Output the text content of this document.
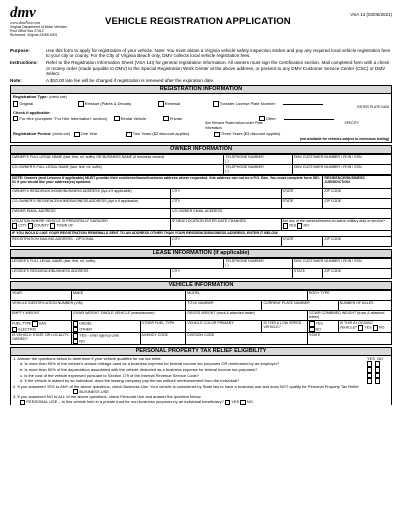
dmv
www.dmvNow.com
Virginia Department of Motor Vehicles
Post Office Box 27412
Richmond, Virginia 23269-0001
VEHICLE REGISTRATION APPLICATION
VSA 14 (03/05/2021)
Purpose:	Use this form to apply for registration of your vehicle. Note: You must obtain a Virginia vehicle safety inspection sticker and pay any required local vehicle registration fees to your city or county. For the City of Virginia Beach only, DMV collects local vehicle registration fees.
Instructions:	Refer to the Registration Information Sheet (VSA 14I) for general registration information. All owners must sign the Certification section. Mail completed form with a check or money order (made payable to DMV) to the Special Registration Work Center at the above address, or present to any DMV Customer Service Center (CSC) or DMV Select.
Note:	A $10.00 late fee will be charged if registration is renewed after the expiration date.
REGISTRATION INFORMATION
Registration Type: (check one)
Original	Reissue (Plates & Decals)	Renewal	Transfer License Plate Number:
ENTER PLATE NUM
Check if applicable:
For Hire (complete "For Hire Information" section)	Rental Vehicle	Private	Other:
See Reissue Plates below under Plate Information.
SPECIFY
Registration Period: (check one)	One Year	Two Years ($2 discount applies)	Three Years ($3 discount applies)
(not available for vehicles subject to emissions testing)
OWNER INFORMATION
OWNER'S FULL LEGAL NAME (last, first, mi, suffix) OR BUSINESS NAME (if business owned)	TELEPHONE NUMBER
( )	DMV CUSTOMER NUMBER / FEIN / SSN
CO-OWNER'S FULL LEGAL NAME (last, first, mi, suffix)	TELEPHONE NUMBER
( )	DMV CUSTOMER NUMBER / FEIN / SSN
NOTE: Owners (and Lessees if applicable) MUST provide their residence/home/business address where requested. this address can not be a P.O. Box. You must complete form ISD-01 if you would like your address(es) updated.			RESIDENCE/BUSINESS JURISDICTION
OWNER'S RESIDENCE/HOME/BUSINESS ADDRESS (Apt # if applicable)	CITY	STATE	ZIP CODE
CO-OWNER'S RESIDENCE/HOME/BUSINESS ADDRESS (Apt # if applicable)	CITY	STATE	ZIP CODE
OWNER EMAIL ADDRESS	CO-OWNER EMAIL ADDRESS		
LOCATION WHERE VEHICLE IS PRINCIPALLY GARAGED
CITY COUNTY TOWN OF	IF NEW LOCATION ENTER DATE CHANGED	Are any of the owners/lessees on active military duty or service? YES NO	
IF YOU WOULD LIKE YOUR REGISTRATION RENEWALS SENT TO AN ADDRESS OTHER THAN YOUR RESIDENCE/BUSINESS ADDRESS, ENTER IT BELOW			
REGISTRATION MAILING ADDRESS - OPTIONAL	CITY	STATE	ZIP CODE
LEASE INFORMATION (if applicable)
LESSEE'S FULL LEGAL NAME (last, first, mi, suffix)		TELEPHONE NUMBER
( )	DMV CUSTOMER NUMBER / FEIN / SSN	
LESSEE'S RESIDENCE/BUSINESS ADDRESS	CITY		STATE	ZIP CODE
VEHICLE INFORMATION
YEAR	MAKE		MODEL		BODY TYPE	
VEHICLE IDENTIFICATION NUMBER (VIN)			TITLE NUMBER	CURRENT PLATE NUMBER		NUMBER OF AXLES
EMPTY WEIGHT	GVWR WEIGHT SINGLE VEHICLE (manufacturer)		GROSS WEIGHT (truck & attached trailer)		GCWR COMBINED WEIGHT (truck & attached trailer)	
FUEL TYPE GAS
ELECTRIC	DIESEL
OTHER	OTHER FUEL TYPE	VEHICLE COLOR PRIMARY	IS THIS A LOW SPEED VEHICLE?	YES
NO	IS THIS A LOGGING VEHICLE? YES NO
IS VEHICLE STATE OR LOCALITY-OWNED?	YES - enter agency code
NO	AGENCY CODE	DIVISION CODE		STATE	
PERSONAL PROPERTY TAX RELIEF ELIGIBILITY
1. Answer the questions below to determine if your vehicle qualifies for car tax relief:	YES NO
a. Is more than 50% of the vehicle's annual mileage used as a business expense for federal income tax purposes OR reimbursed by an employer?

b. Is more than 50% of the depreciation associated with the vehicle deducted as a business expense for federal income tax purposes?

c. Is the cost of the vehicle expensed pursuant to Section 179 of the Internal Revenue Service Code?

d. If the vehicle is leased by an individual, does the leasing company pay the tax without reimbursement from the individual?

2. If you answered YES to ANY of the above questions, check Business Use. Your vehicle is considered by State law to have a business use and does NOT qualify for Personal Property Tax Relief.
BUSINESS USE
3. If you answered NO to ALL of the above questions, check Personal Use and answer the question below.
PERSONAL USE – Is this vehicle held in a private trust for non-business purposes by an individual beneficiary? YES NO
